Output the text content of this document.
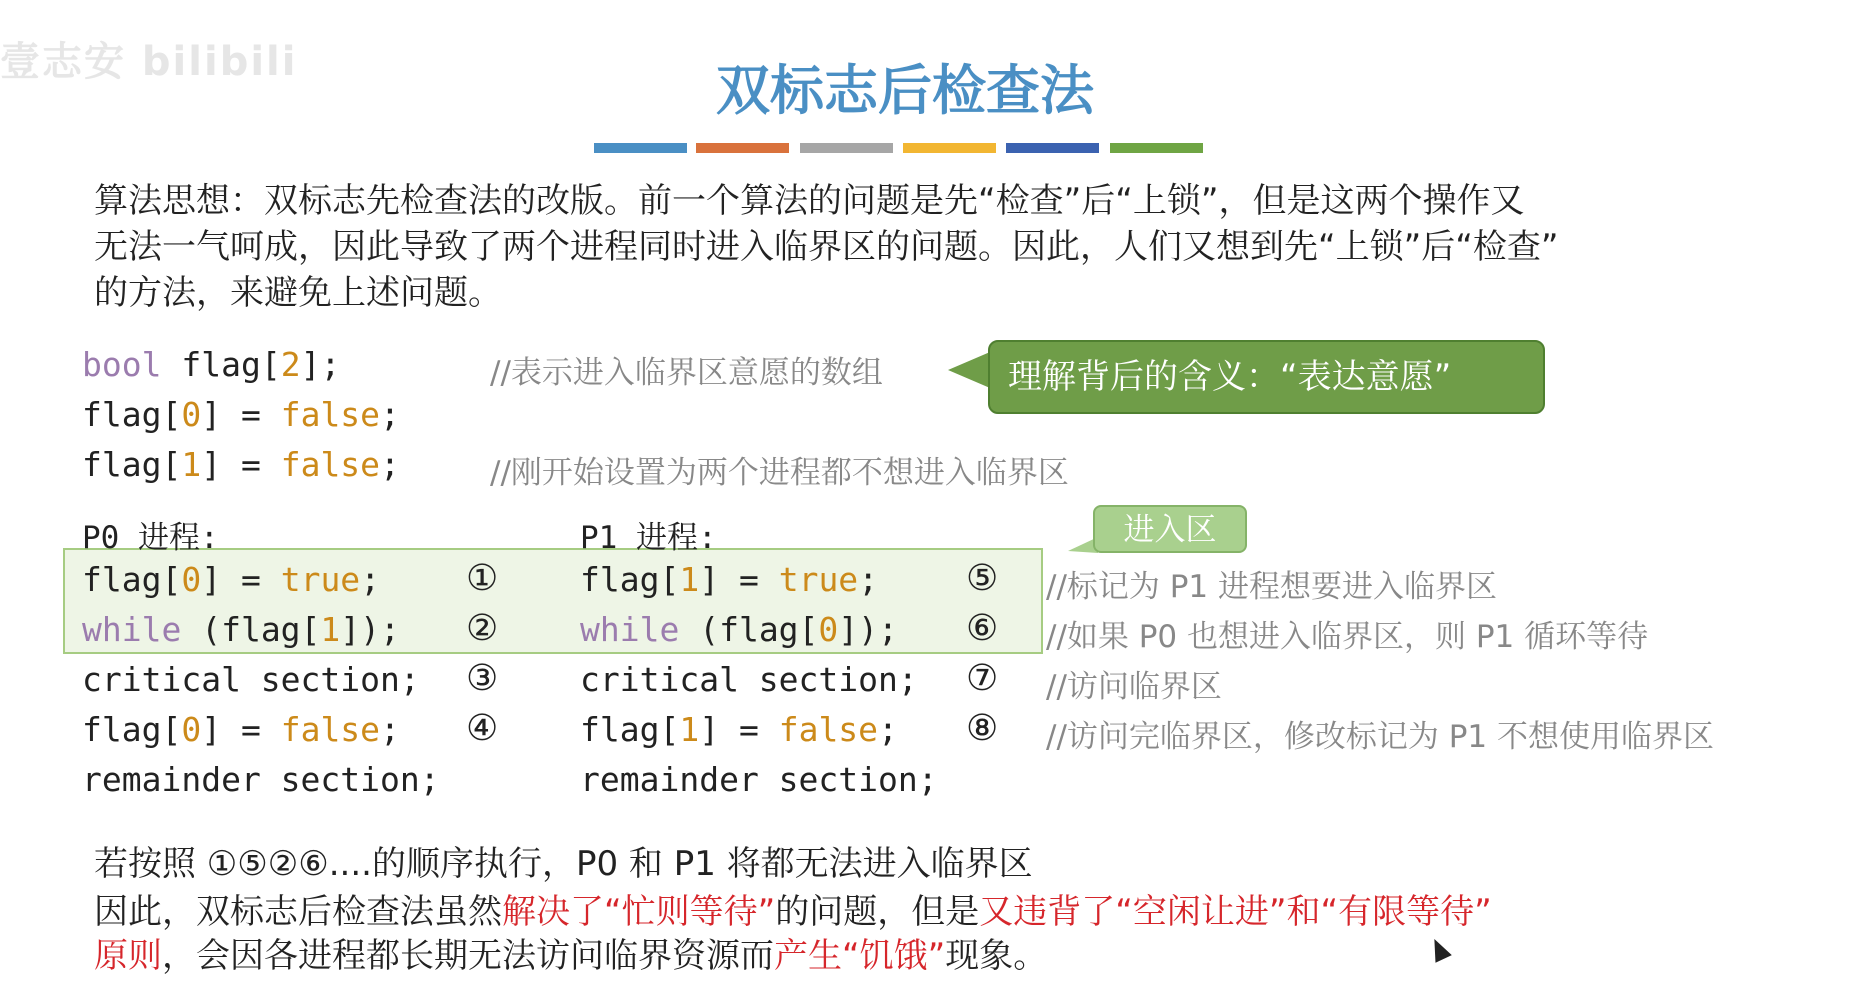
壹志安 bilibili	双标志后检查法
算法思想：双标志先检查法的改版。前一个算法的问题是先“检查”后“上锁”，但是这两个操作又
无法一气呵成，因此导致了两个进程同时进入临界区的问题。因此，人们又想到先“上锁”后“检查”
的方法，来避免上述问题。
bool flag[2];	//表示进入临界区意愿的数组
flag[0] = false;
flag[1] = false;	//刚开始设置为两个进程都不想进入临界区
理解背后的含义：“表达意愿”
进入区
P0 进程:
flag[0] = true;
while (flag[1]);
critical section;
flag[0] = false;
remainder section;
①
②
③
④
P1 进程:
flag[1] = true;
while (flag[0]);
critical section;
flag[1] = false;
remainder section;
⑤
⑥
⑦
⑧
//标记为 P1 进程想要进入临界区
//如果 P0 也想进入临界区，则 P1 循环等待
//访问临界区
//访问完临界区，修改标记为 P1 不想使用临界区
若按照 ①⑤②⑥....的顺序执行，P0 和 P1 将都无法进入临界区
因此，双标志后检查法虽然解决了“忙则等待”的问题，但是又违背了“空闲让进”和“有限等待”
原则，会因各进程都长期无法访问临界资源而产生“饥饿”现象。
